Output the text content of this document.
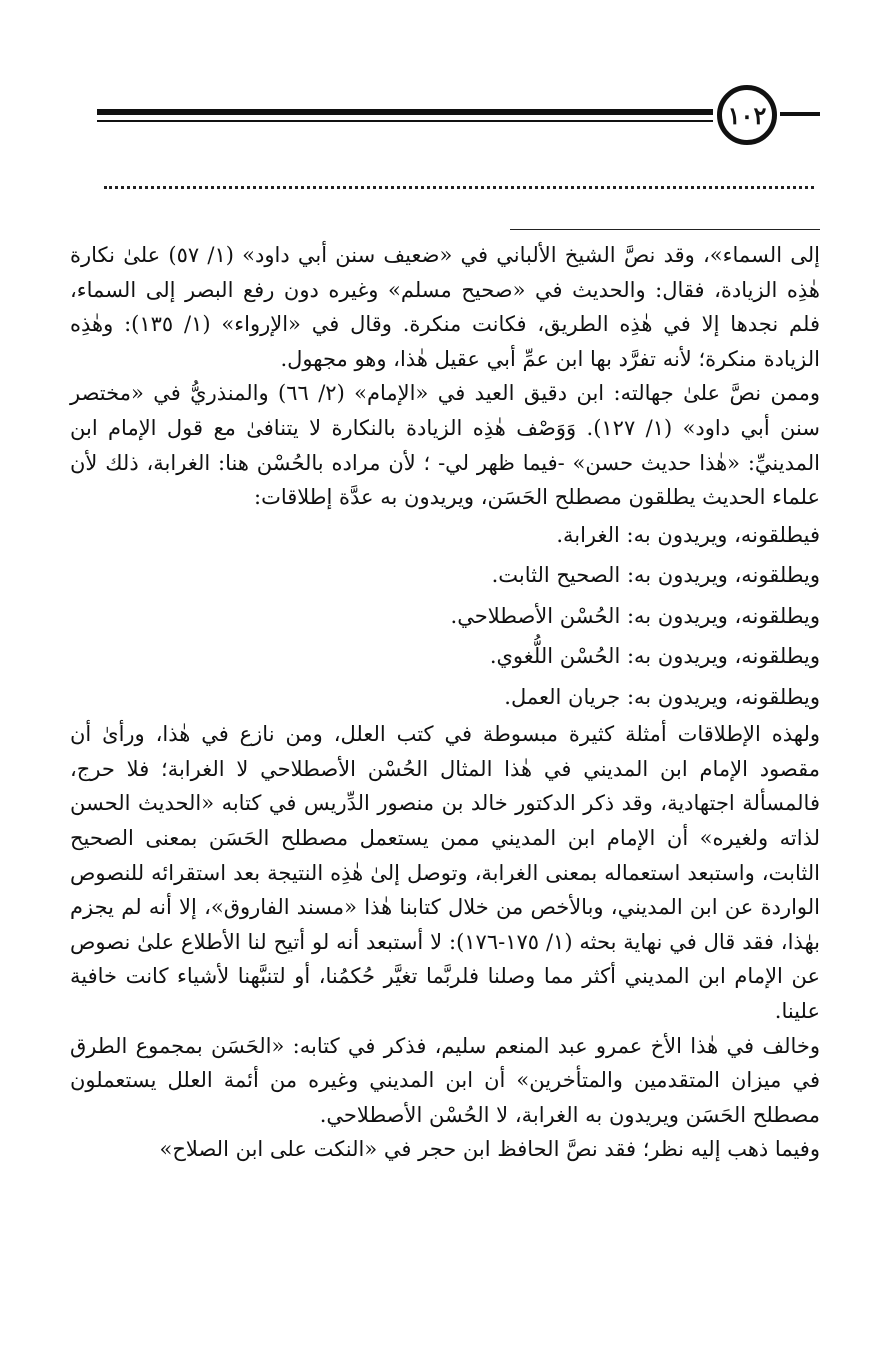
١٠٢

إلى السماء»، وقد نصَّ الشيخ الألباني في «ضعيف سنن أبي داود» (١/ ٥٧) علىٰ نكارة هٰذِه الزيادة، فقال: والحديث في «صحيح مسلم» وغيره دون رفع البصر إلى السماء، فلم نجدها إلا في هٰذِه الطريق، فكانت منكرة. وقال في «الإرواء» (١/ ١٣٥): وهٰذِه الزيادة منكرة؛ لأنه تفرَّد بها ابن عمِّ أبي عقيل هٰذا، وهو مجهول.

وممن نصَّ علىٰ جهالته: ابن دقيق العيد في «الإمام» (٢/ ٦٦) والمنذريُّ في «مختصر سنن أبي داود» (١/ ١٢٧). وَوَصْف هٰذِه الزيادة بالنكارة لا يتنافىٰ مع قول الإمام ابن المدينيِّ: «هٰذا حديث حسن» -فيما ظهر لي- ؛ لأن مراده بالحُسْن هنا: الغرابة، ذلك لأن علماء الحديث يطلقون مصطلح الحَسَن، ويريدون به عدَّة إطلاقات:

فيطلقونه، ويريدون به: الغرابة.

ويطلقونه، ويريدون به: الصحيح الثابت.

ويطلقونه، ويريدون به: الحُسْن الأصطلاحي.

ويطلقونه، ويريدون به: الحُسْن اللُّغوي.

ويطلقونه، ويريدون به: جريان العمل.

ولهذه الإطلاقات أمثلة كثيرة مبسوطة في كتب العلل، ومن نازع في هٰذا، ورأىٰ أن مقصود الإمام ابن المديني في هٰذا المثال الحُسْن الأصطلاحي لا الغرابة؛ فلا حرج، فالمسألة اجتهادية، وقد ذكر الدكتور خالد بن منصور الدِّريس في كتابه «الحديث الحسن لذاته ولغيره» أن الإمام ابن المديني ممن يستعمل مصطلح الحَسَن بمعنى الصحيح الثابت، واستبعد استعماله بمعنى الغرابة، وتوصل إلىٰ هٰذِه النتيجة بعد استقرائه للنصوص الواردة عن ابن المديني، وبالأخص من خلال كتابنا هٰذا «مسند الفاروق»، إلا أنه لم يجزم بهٰذا، فقد قال في نهاية بحثه (١/ ١٧٥-١٧٦): لا أستبعد أنه لو أتيح لنا الأطلاع علىٰ نصوص عن الإمام ابن المديني أكثر مما وصلنا فلربَّما تغيَّر حُكمُنا، أو لتنبَّهنا لأشياء كانت خافية علينا.

وخالف في هٰذا الأخ عمرو عبد المنعم سليم، فذكر في كتابه: «الحَسَن بمجموع الطرق في ميزان المتقدمين والمتأخرين» أن ابن المديني وغيره من أئمة العلل يستعملون مصطلح الحَسَن ويريدون به الغرابة، لا الحُسْن الأصطلاحي.

وفيما ذهب إليه نظر؛ فقد نصَّ الحافظ ابن حجر في «النكت على ابن الصلاح»
